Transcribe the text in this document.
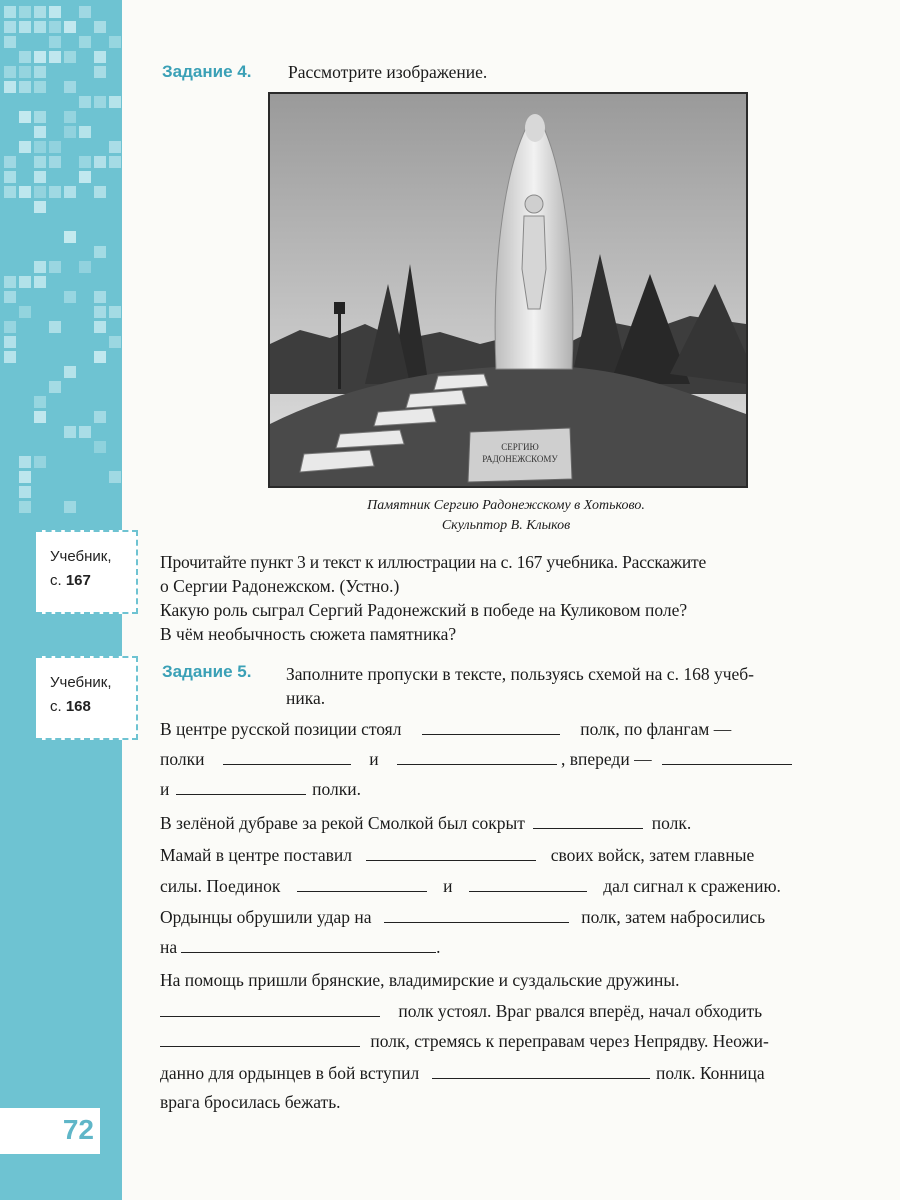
72
Учебник,
с. 167
Учебник,
с. 168
Задание 4. Рассмотрите изображение.
СЕРГИЮ
РАДОНЕЖСКОМУ
Памятник Сергию Радонежскому в Хотьково.
Скульптор В. Клыков
Прочитайте пункт 3 и текст к иллюстрации на с. 167 учебника. Расскажите
о Сергии Радонежском. (Устно.)
Какую роль сыграл Сергий Радонежский в победе на Куликовом поле?
В чём необычность сюжета памятника?
Задание 5. Заполните пропуски в тексте, пользуясь схемой на с. 168 учеб-
ника.
В центре русской позиции стоял	полк, по флангам —
полки	и	, впереди —
и	полки.
В зелёной дубраве за рекой Смолкой был сокрыт	полк.
Мамай в центре поставил	своих войск, затем главные
силы. Поединок	и	дал сигнал к сражению.
Ордынцы обрушили удар на	полк, затем набросились
на	.
На помощь пришли брянские, владимирские и суздальские дружины.
полк устоял. Враг рвался вперёд, начал обходить
полк, стремясь к переправам через Непрядву. Неожи-
данно для ордынцев в бой вступил	полк. Конница
врага бросилась бежать.
